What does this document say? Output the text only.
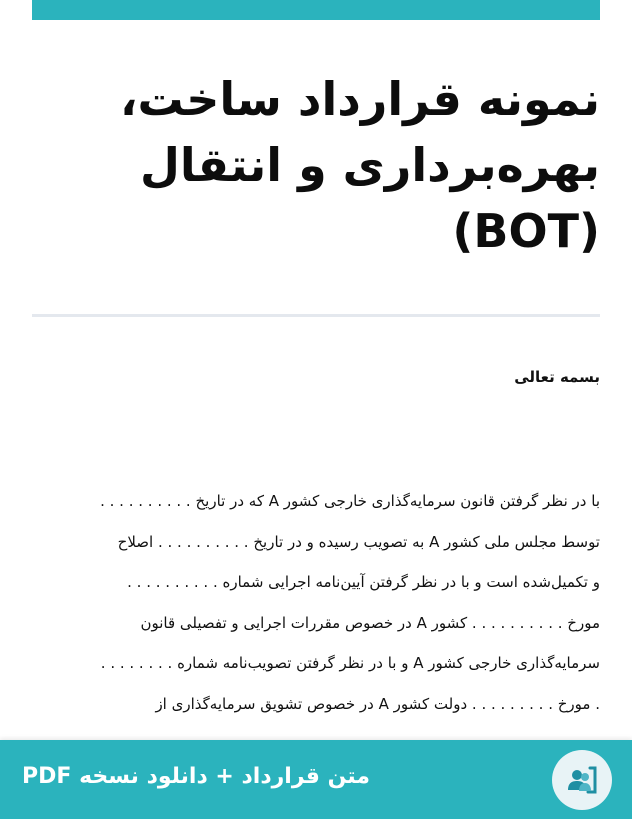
نمونه قرارداد ساخت،
بهره‌برداری و انتقال
(BOT)
بسمه تعالی
با در نظر گرفتن قانون سرمایه‌گذاری خارجی کشور A که در تاریخ . . . . . . . . . .
توسط مجلس ملی کشور A به تصویب رسیده و در تاریخ . . . . . . . . . . اصلاح
و تکمیل‌شده است و با در نظر گرفتن آیین‌نامه اجرایی شماره . . . . . . . . . .
مورخ . . . . . . . . . . کشور A در خصوص مقررات اجرایی و تفصیلی قانون
سرمایه‌گذاری خارجی کشور A و با در نظر گرفتن تصویب‌نامه شماره . . . . . . . .
. مورخ . . . . . . . . . دولت کشور A در خصوص تشویق سرمایه‌گذاری از
متن قرارداد + دانلود نسخه PDF
